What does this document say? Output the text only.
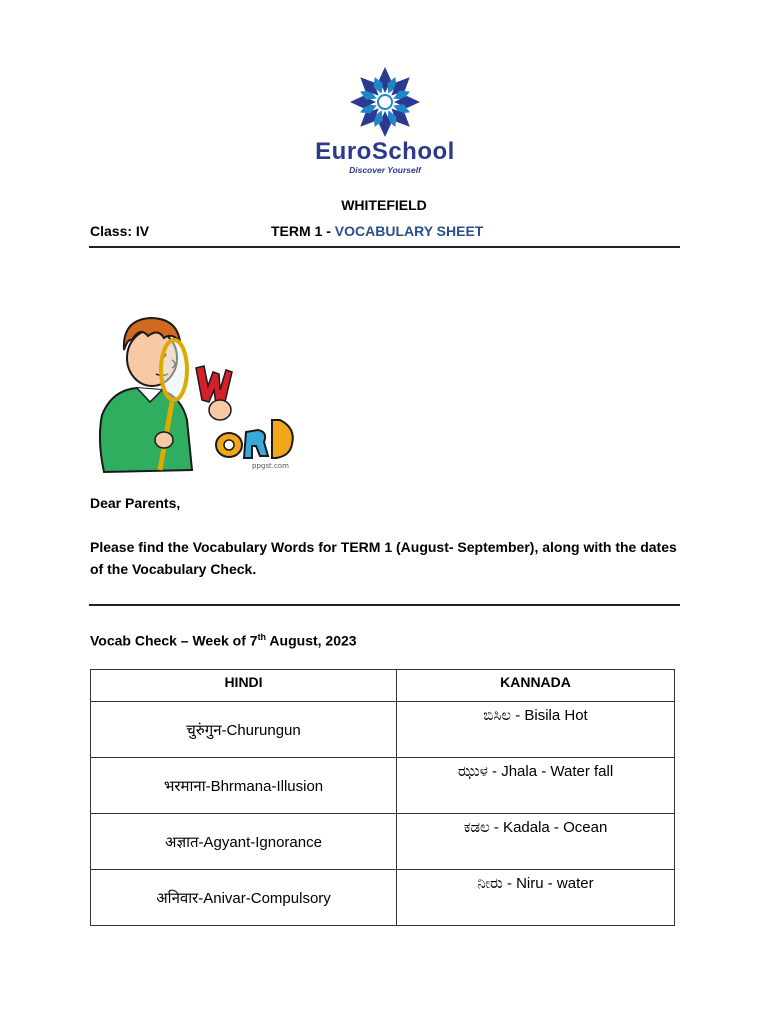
EuroSchool
Discover Yourself
WHITEFIELD
Class: IV	TERM 1 - VOCABULARY SHEET
ppgst.com
Dear Parents,
Please find the Vocabulary Words for TERM 1 (August- September), along with the dates of the Vocabulary Check.
Vocab Check – Week of 7th August, 2023
HINDI	KANNADA
चुरुंगुन-Churungun	ಬಿಸಿಲ - Bisila Hot
भरमाना-Bhrmana-Illusion	ಝುಳ - Jhala - Water fall
अज्ञात-Agyant-Ignorance	ಕಡಲ - Kadala - Ocean
अनिवार-Anivar-Compulsory	ನೀರು - Niru - water
